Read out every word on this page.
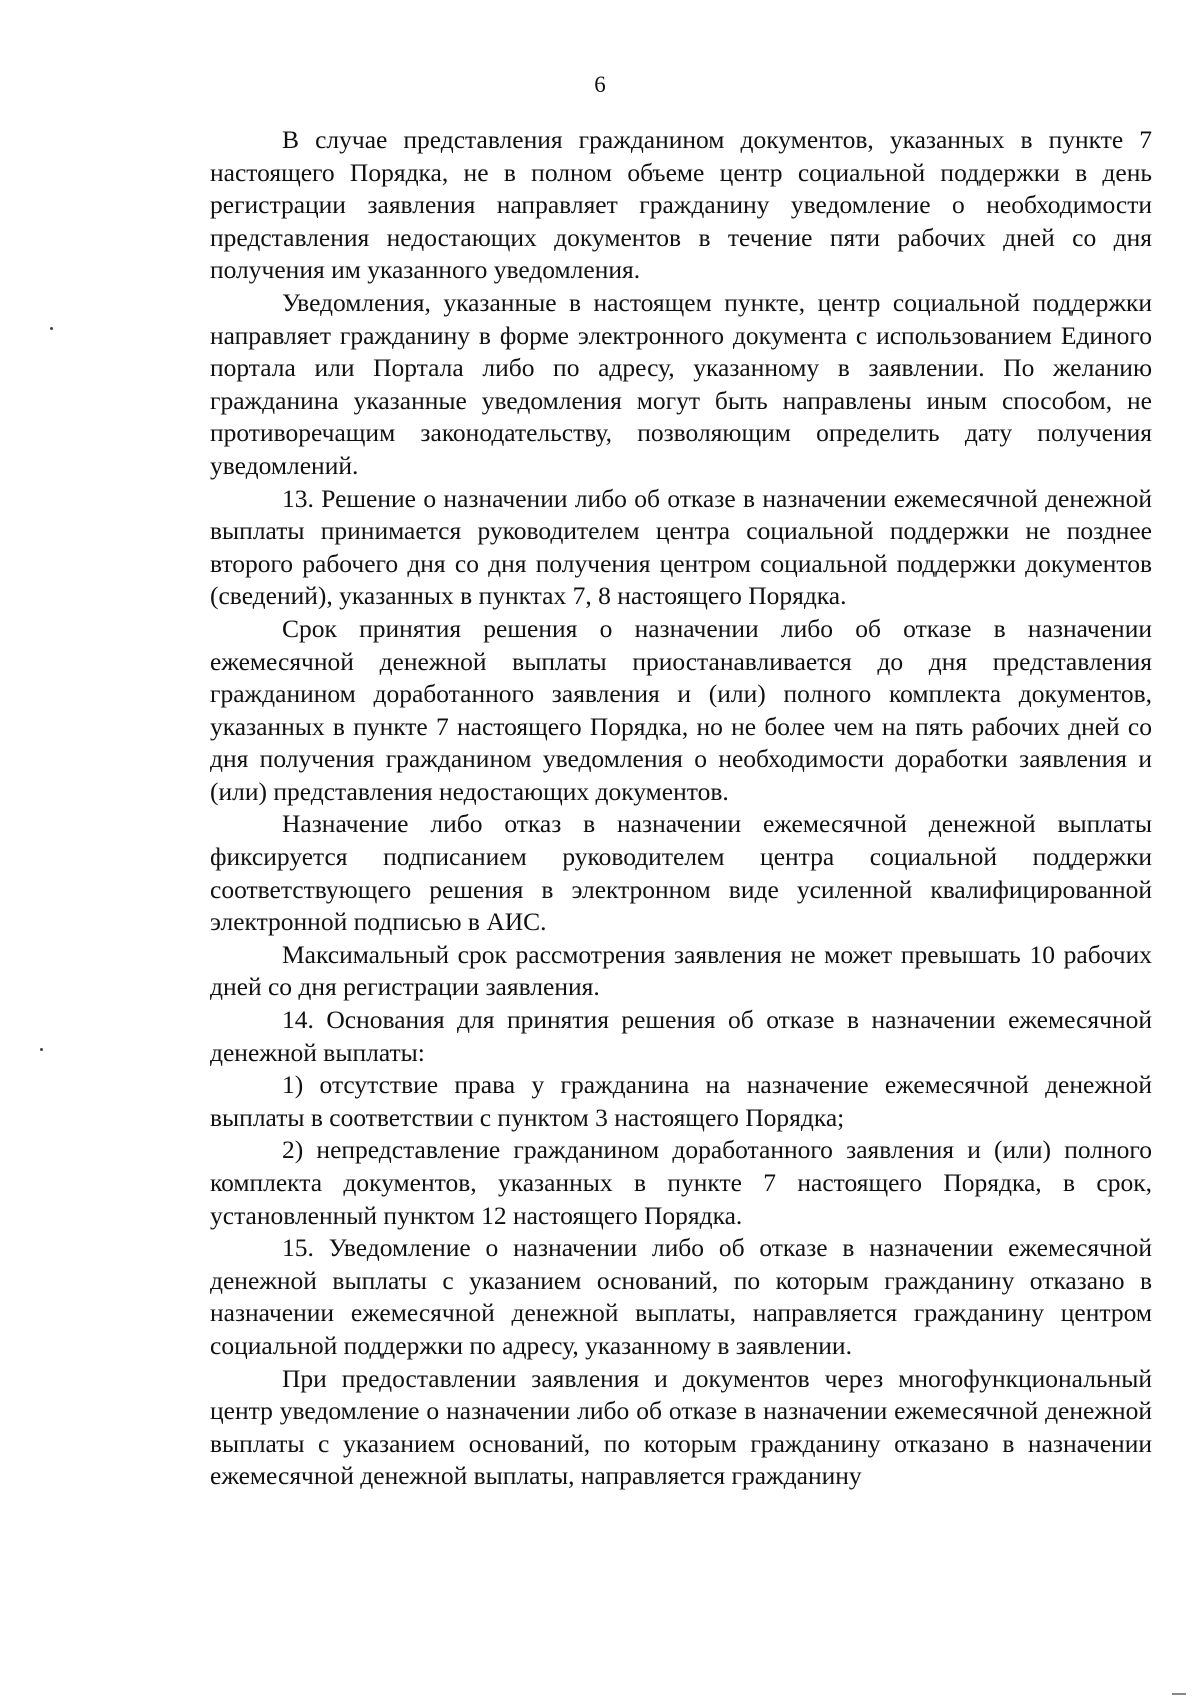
6

В случае представления гражданином документов, указанных в пункте 7 настоящего Порядка, не в полном объеме центр социальной поддержки в день регистрации заявления направляет гражданину уведомление о необходимости представления недостающих документов в течение пяти рабочих дней со дня получения им указанного уведомления.

Уведомления, указанные в настоящем пункте, центр социальной поддержки направляет гражданину в форме электронного документа с использованием Единого портала или Портала либо по адресу, указанному в заявлении. По желанию гражданина указанные уведомления могут быть направлены иным способом, не противоречащим законодательству, позволяющим определить дату получения уведомлений.

13. Решение о назначении либо об отказе в назначении ежемесячной денежной выплаты принимается руководителем центра социальной поддержки не позднее второго рабочего дня со дня получения центром социальной поддержки документов (сведений), указанных в пунктах 7, 8 настоящего Порядка.

Срок принятия решения о назначении либо об отказе в назначении ежемесячной денежной выплаты приостанавливается до дня представления гражданином доработанного заявления и (или) полного комплекта документов, указанных в пункте 7 настоящего Порядка, но не более чем на пять рабочих дней со дня получения гражданином уведомления о необходимости доработки заявления и (или) представления недостающих документов.

Назначение либо отказ в назначении ежемесячной денежной выплаты фиксируется подписанием руководителем центра социальной поддержки соответствующего решения в электронном виде усиленной квалифицированной электронной подписью в АИС.

Максимальный срок рассмотрения заявления не может превышать 10 рабочих дней со дня регистрации заявления.

14. Основания для принятия решения об отказе в назначении ежемесячной денежной выплаты:

1) отсутствие права у гражданина на назначение ежемесячной денежной выплаты в соответствии с пунктом 3 настоящего Порядка;

2) непредставление гражданином доработанного заявления и (или) полного комплекта документов, указанных в пункте 7 настоящего Порядка, в срок, установленный пунктом 12 настоящего Порядка.

15. Уведомление о назначении либо об отказе в назначении ежемесячной денежной выплаты с указанием оснований, по которым гражданину отказано в назначении ежемесячной денежной выплаты, направляется гражданину центром социальной поддержки по адресу, указанному в заявлении.

При предоставлении заявления и документов через многофункциональный центр уведомление о назначении либо об отказе в назначении ежемесячной денежной выплаты с указанием оснований, по которым гражданину отказано в назначении ежемесячной денежной выплаты, направляется гражданину
